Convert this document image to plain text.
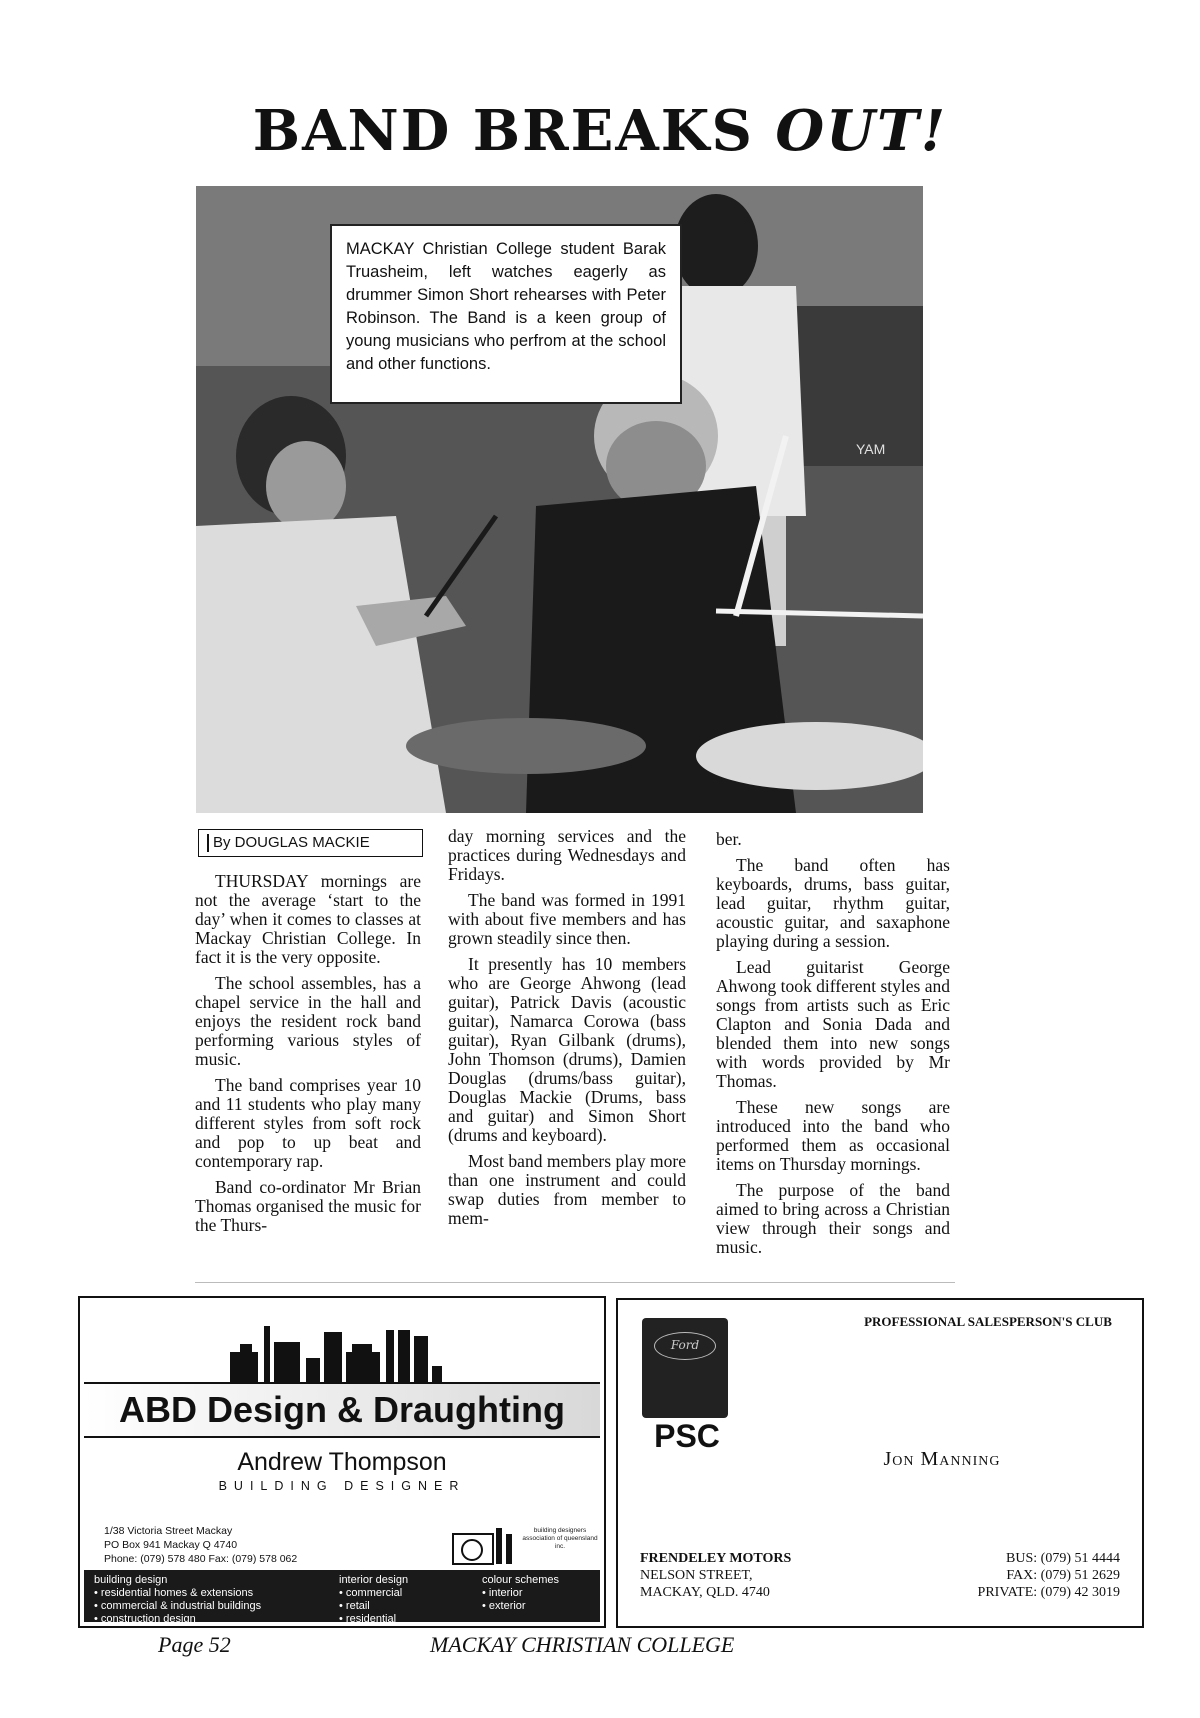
BAND BREAKS OUT!
YAM
MACKAY Christian College student Barak Truasheim, left watches eagerly as drummer Simon Short rehearses with Peter Robinson. The Band is a keen group of young musicians who perfrom at the school and other functions.
By DOUGLAS MACKIE

THURSDAY mornings are not the average ‘start to the day’ when it comes to classes at Mackay Christian College. In fact it is the very opposite.

The school assembles, has a chapel service in the hall and enjoys the resident rock band performing various styles of music.

The band comprises year 10 and 11 students who play many different styles from soft rock and pop to up beat and contemporary rap.

Band co-ordinator Mr Brian Thomas organised the music for the Thurs-

day morning services and the practices during Wednesdays and Fridays.

The band was formed in 1991 with about five members and has grown steadily since then.

It presently has 10 members who are George Ahwong (lead guitar), Patrick Davis (acoustic guitar), Namarca Corowa (bass guitar), Ryan Gilbank (drums), John Thomson (drums), Damien Douglas (drums/bass guitar), Douglas Mackie (Drums, bass and guitar) and Simon Short (drums and keyboard).

Most band members play more than one instrument and could swap duties from member to mem-

ber.

The band often has keyboards, drums, bass guitar, lead guitar, rhythm guitar, acoustic guitar, and saxaphone playing during a session.

Lead guitarist George Ahwong took different styles and songs from artists such as Eric Clapton and Sonia Dada and blended them into new songs with words provided by Mr Thomas.

These new songs are introduced into the band who performed them as occasional items on Thursday mornings.

The purpose of the band aimed to bring across a Christian view through their songs and music.

ABD Design & Draughting
Andrew Thompson
BUILDING DESIGNER
1/38 Victoria Street Mackay
PO Box 941 Mackay Q 4740
Phone: (079) 578 480 Fax: (079) 578 062
building designers association of queensland inc.
building design
• residential homes & extensions
• commercial & industrial buildings
• construction design
interior design
• commercial
• retail
• residential
colour schemes
• interior
• exterior
Ford
PSC
PROFESSIONAL SALESPERSON'S CLUB
Jon Manning
FRENDELEY MOTORS
NELSON STREET,
MACKAY, QLD. 4740
BUS: (079) 51 4444
FAX: (079) 51 2629
PRIVATE: (079) 42 3019
Page 52	MACKAY CHRISTIAN COLLEGE
